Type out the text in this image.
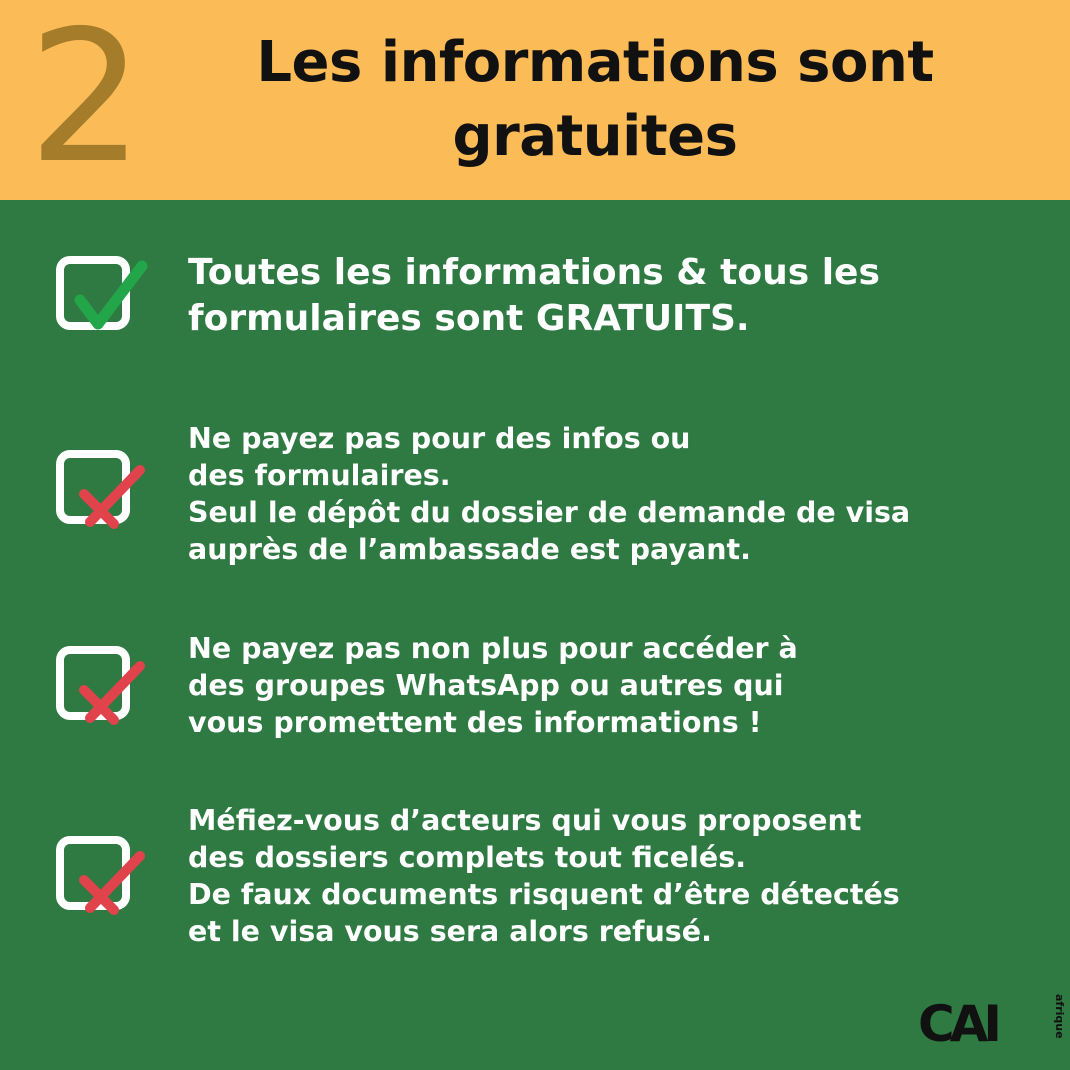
2	Les informations sont
gratuites
Toutes les informations & tous les
formulaires sont GRATUITS.
Ne payez pas pour des infos ou
des formulaires.
Seul le dépôt du dossier de demande de visa
auprès de l’ambassade est payant.
Ne payez pas non plus pour accéder à
des groupes WhatsApp ou autres qui
vous promettent des informations !
Méfiez-vous d’acteurs qui vous proposent
des dossiers complets tout ficelés.
De faux documents risquent d’être détectés
et le visa vous sera alors refusé.
CAI	afrique
